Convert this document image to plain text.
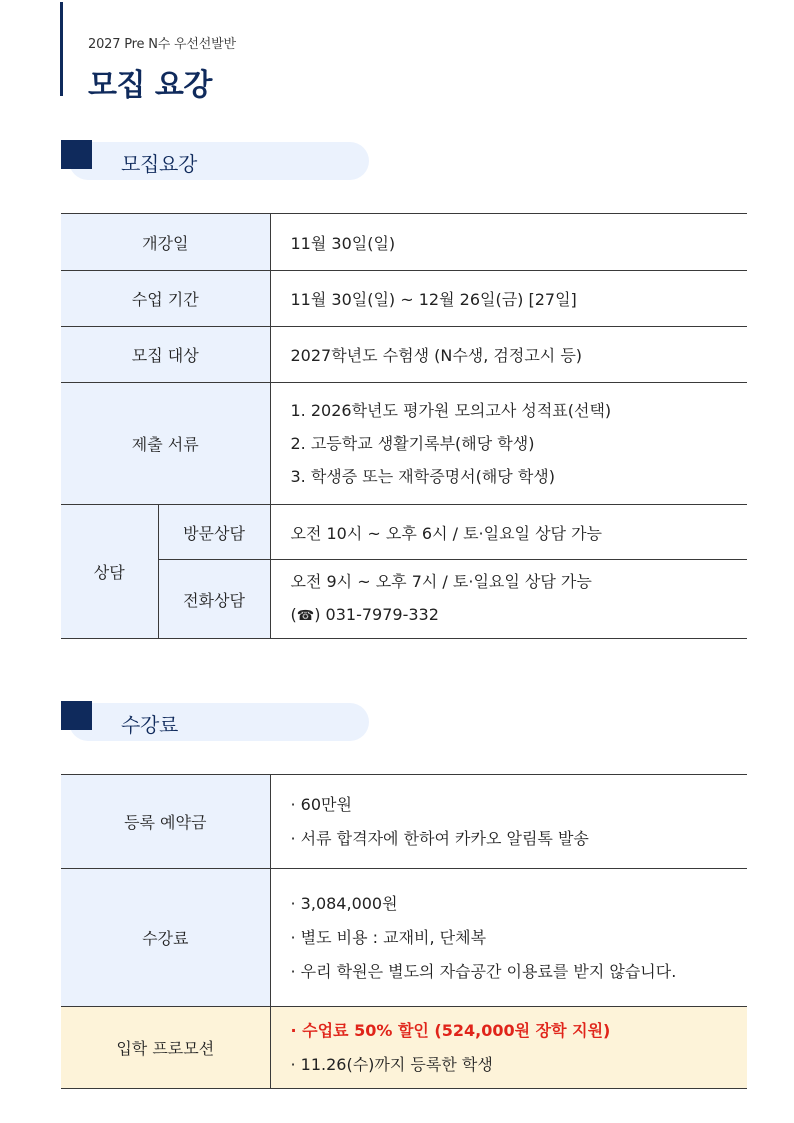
2027 Pre N수 우선선발반
모집 요강
모집요강
개강일		11월 30일(일)
수업 기간		11월 30일(일) ~ 12월 26일(금) [27일]
모집 대상		2027학년도 수험생 (N수생, 검정고시 등)
제출 서류		1. 2026학년도 평가원 모의고사 성적표(선택)
2. 고등학교 생활기록부(해당 학생)
3. 학생증 또는 재학증명서(해당 학생)

상담	방문상담	오전 10시 ~ 오후 6시 / 토·일요일 상담 가능
	전화상담	오전 9시 ~ 오후 7시 / 토·일요일 상담 가능
(☎) 031-7979-332
수강료
등록 예약금	· 60만원
· 서류 합격자에 한하여 카카오 알림톡 발송

수강료	· 3,084,000원
· 별도 비용 : 교재비, 단체복
· 우리 학원은 별도의 자습공간 이용료를 받지 않습니다.

입학 프로모션	· 수업료 50% 할인 (524,000원 장학 지원)
· 11.26(수)까지 등록한 학생
